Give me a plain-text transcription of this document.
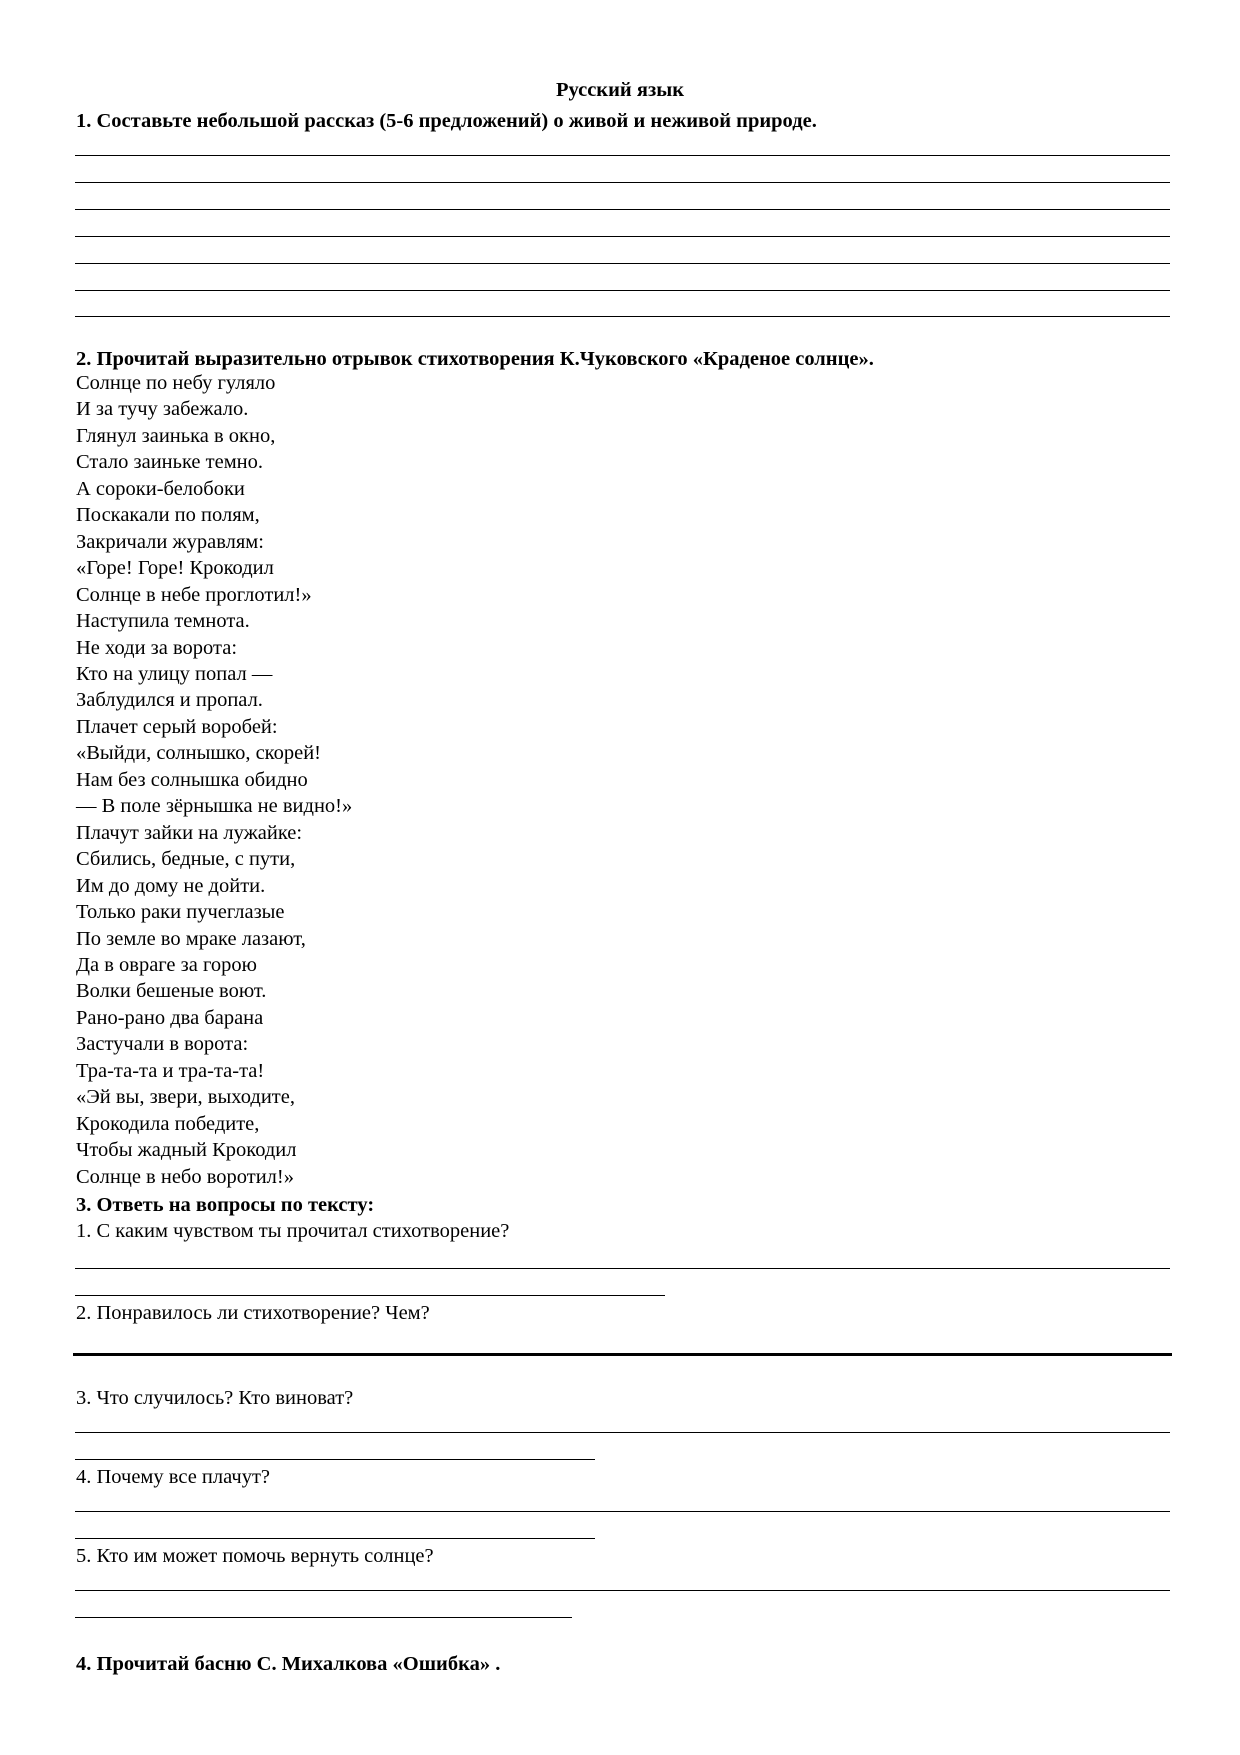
Русский язык
1. Составьте небольшой рассказ (5-6 предложений) о живой и неживой природе.
2. Прочитай выразительно отрывок стихотворения К.Чуковского «Краденое солнце».
Солнце по небу гуляло
И за тучу забежало.
Глянул заинька в окно,
Стало заиньке темно.
А сороки-белобоки
Поскакали по полям,
Закричали журавлям:
«Горе! Горе! Крокодил
Солнце в небе проглотил!»
Наступила темнота.
Не ходи за ворота:
Кто на улицу попал —
Заблудился и пропал.
Плачет серый воробей:
«Выйди, солнышко, скорей!
Нам без солнышка обидно
— В поле зёрнышка не видно!»
Плачут зайки на лужайке:
Сбились, бедные, с пути,
Им до дому не дойти.
Только раки пучеглазые
По земле во мраке лазают,
Да в овраге за горою
Волки бешеные воют.
Рано-рано два барана
Застучали в ворота:
Тра-та-та и тра-та-та!
«Эй вы, звери, выходите,
Крокодила победите,
Чтобы жадный Крокодил
Солнце в небо воротил!»
3. Ответь на вопросы по тексту:
1. С каким чувством ты прочитал стихотворение?
2. Понравилось ли стихотворение? Чем?
3. Что случилось? Кто виноват?
4. Почему все плачут?
5. Кто им может помочь вернуть солнце?
4. Прочитай басню С. Михалкова «Ошибка» .
